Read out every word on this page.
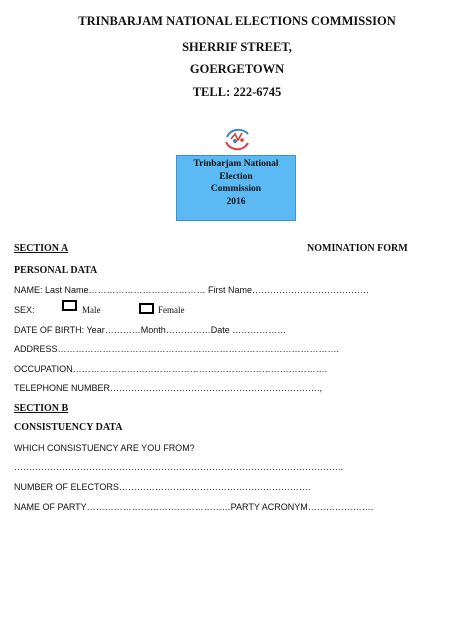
TRINBARJAM NATIONAL ELECTIONS COMMISSION
SHERRIF STREET,
GOERGETOWN
TELL: 222-6745
Trinbarjam National
Election
Commission
2016
SECTION A	NOMINATION FORM
PERSONAL DATA
NAME: Last Name………………………………… First Name…………………………………
SEX:	Male	Female
DATE OF BIRTH: Year…………Month……………Date ………………
ADDRESS………………………………………………………………………………….
OCCUPATION………………………………………………………………………….
TELEPHONE NUMBER…………………………………………………………….,
SECTION B
CONSISTUENCY DATA
WHICH CONSISTUENCY ARE YOU FROM?
………………………………………………………………………………………………..
NUMBER OF ELECTORS……………………………………………………….
NAME OF PARTY…………………………………………PARTY ACRONYM………………….
